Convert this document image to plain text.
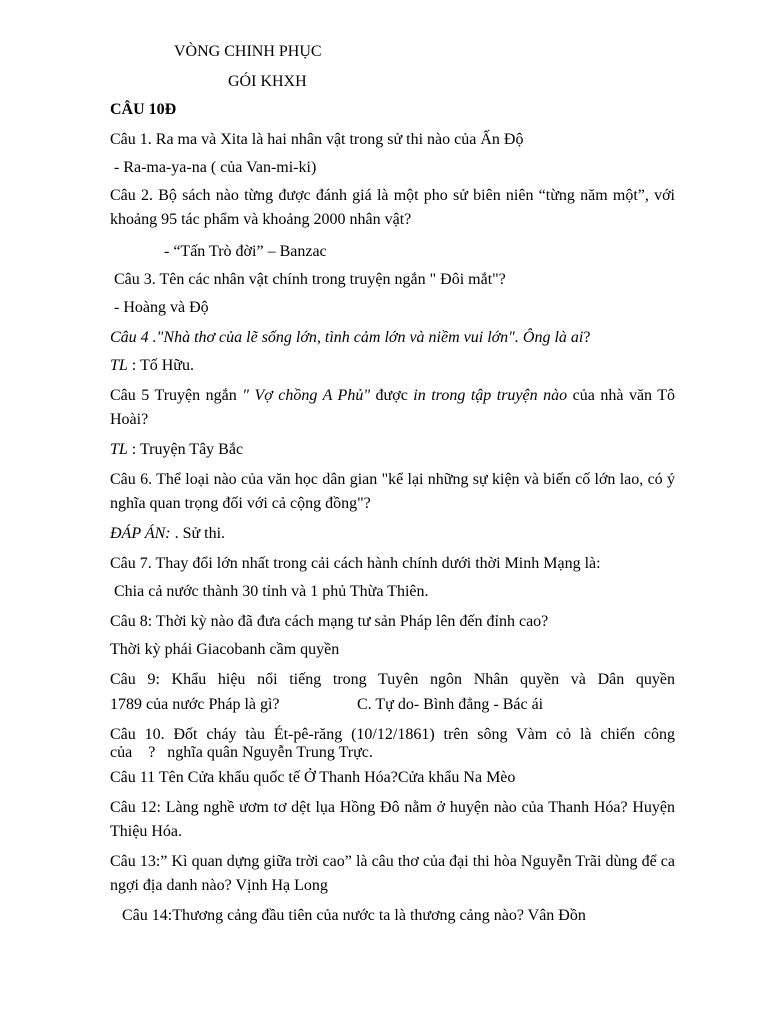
VÒNG CHINH PHỤC
GÓI KHXH
CÂU 10Đ
Câu 1. Ra ma và Xita là hai nhân vật trong sử thi nào của Ấn Độ
- Ra-ma-ya-na ( của Van-mi-ki)
Câu 2. Bộ sách nào từng được đánh giá là một pho sử biên niên “từng năm một”, với khoảng 95 tác phẩm và khoảng 2000 nhân vật?
- “Tấn Trò đời” – Banzac
Câu 3. Tên các nhân vật chính trong truyện ngắn " Đôi mắt"?
- Hoàng và Độ
Câu 4 ."Nhà thơ của lẽ sống lớn, tình cảm lớn và niềm vui lớn". Ông là ai?
TL : Tố Hữu.
Câu 5 Truyện ngắn " Vợ chồng A Phủ" được in trong tập truyện nào của nhà văn Tô Hoài?
TL : Truyện Tây Bắc
Câu 6. Thể loại nào của văn học dân gian "kể lại những sự kiện và biến cố lớn lao, có ý nghĩa quan trọng đối với cả cộng đồng"?
ĐÁP ÁN: . Sử thi.
Câu 7. Thay đổi lớn nhất trong cải cách hành chính dưới thời Minh Mạng là:
Chia cả nước thành 30 tỉnh và 1 phủ Thừa Thiên.
Câu 8: Thời kỳ nào đã đưa cách mạng tư sản Pháp lên đến đỉnh cao?
Thời kỳ phái Giacobanh cầm quyền
Câu 9: Khẩu hiệu nổi tiếng trong Tuyên ngôn Nhân quyền và Dân quyền
1789 của nước Pháp là gì?	C. Tự do- Bình đẳng - Bác ái
Câu 10. Đốt cháy tàu Ét-pê-răng (10/12/1861) trên sông Vàm cỏ là chiến công
của    ?   nghĩa quân Nguyễn Trung Trực.
Câu 11 Tên Cửa khẩu quốc tế Ở Thanh Hóa?Cửa khẩu Na Mèo
Câu 12: Làng nghề ươm tơ dệt lụa Hồng Đô nằm ở huyện nào của Thanh Hóa? Huyện Thiệu Hóa.
Câu 13:” Kì quan dựng giữa trời cao” là câu thơ của đại thi hòa Nguyễn Trãi dùng để ca ngợi địa danh nào? Vịnh Hạ Long
Câu 14:Thương cảng đầu tiên của nước ta là thương cảng nào? Vân Đồn
